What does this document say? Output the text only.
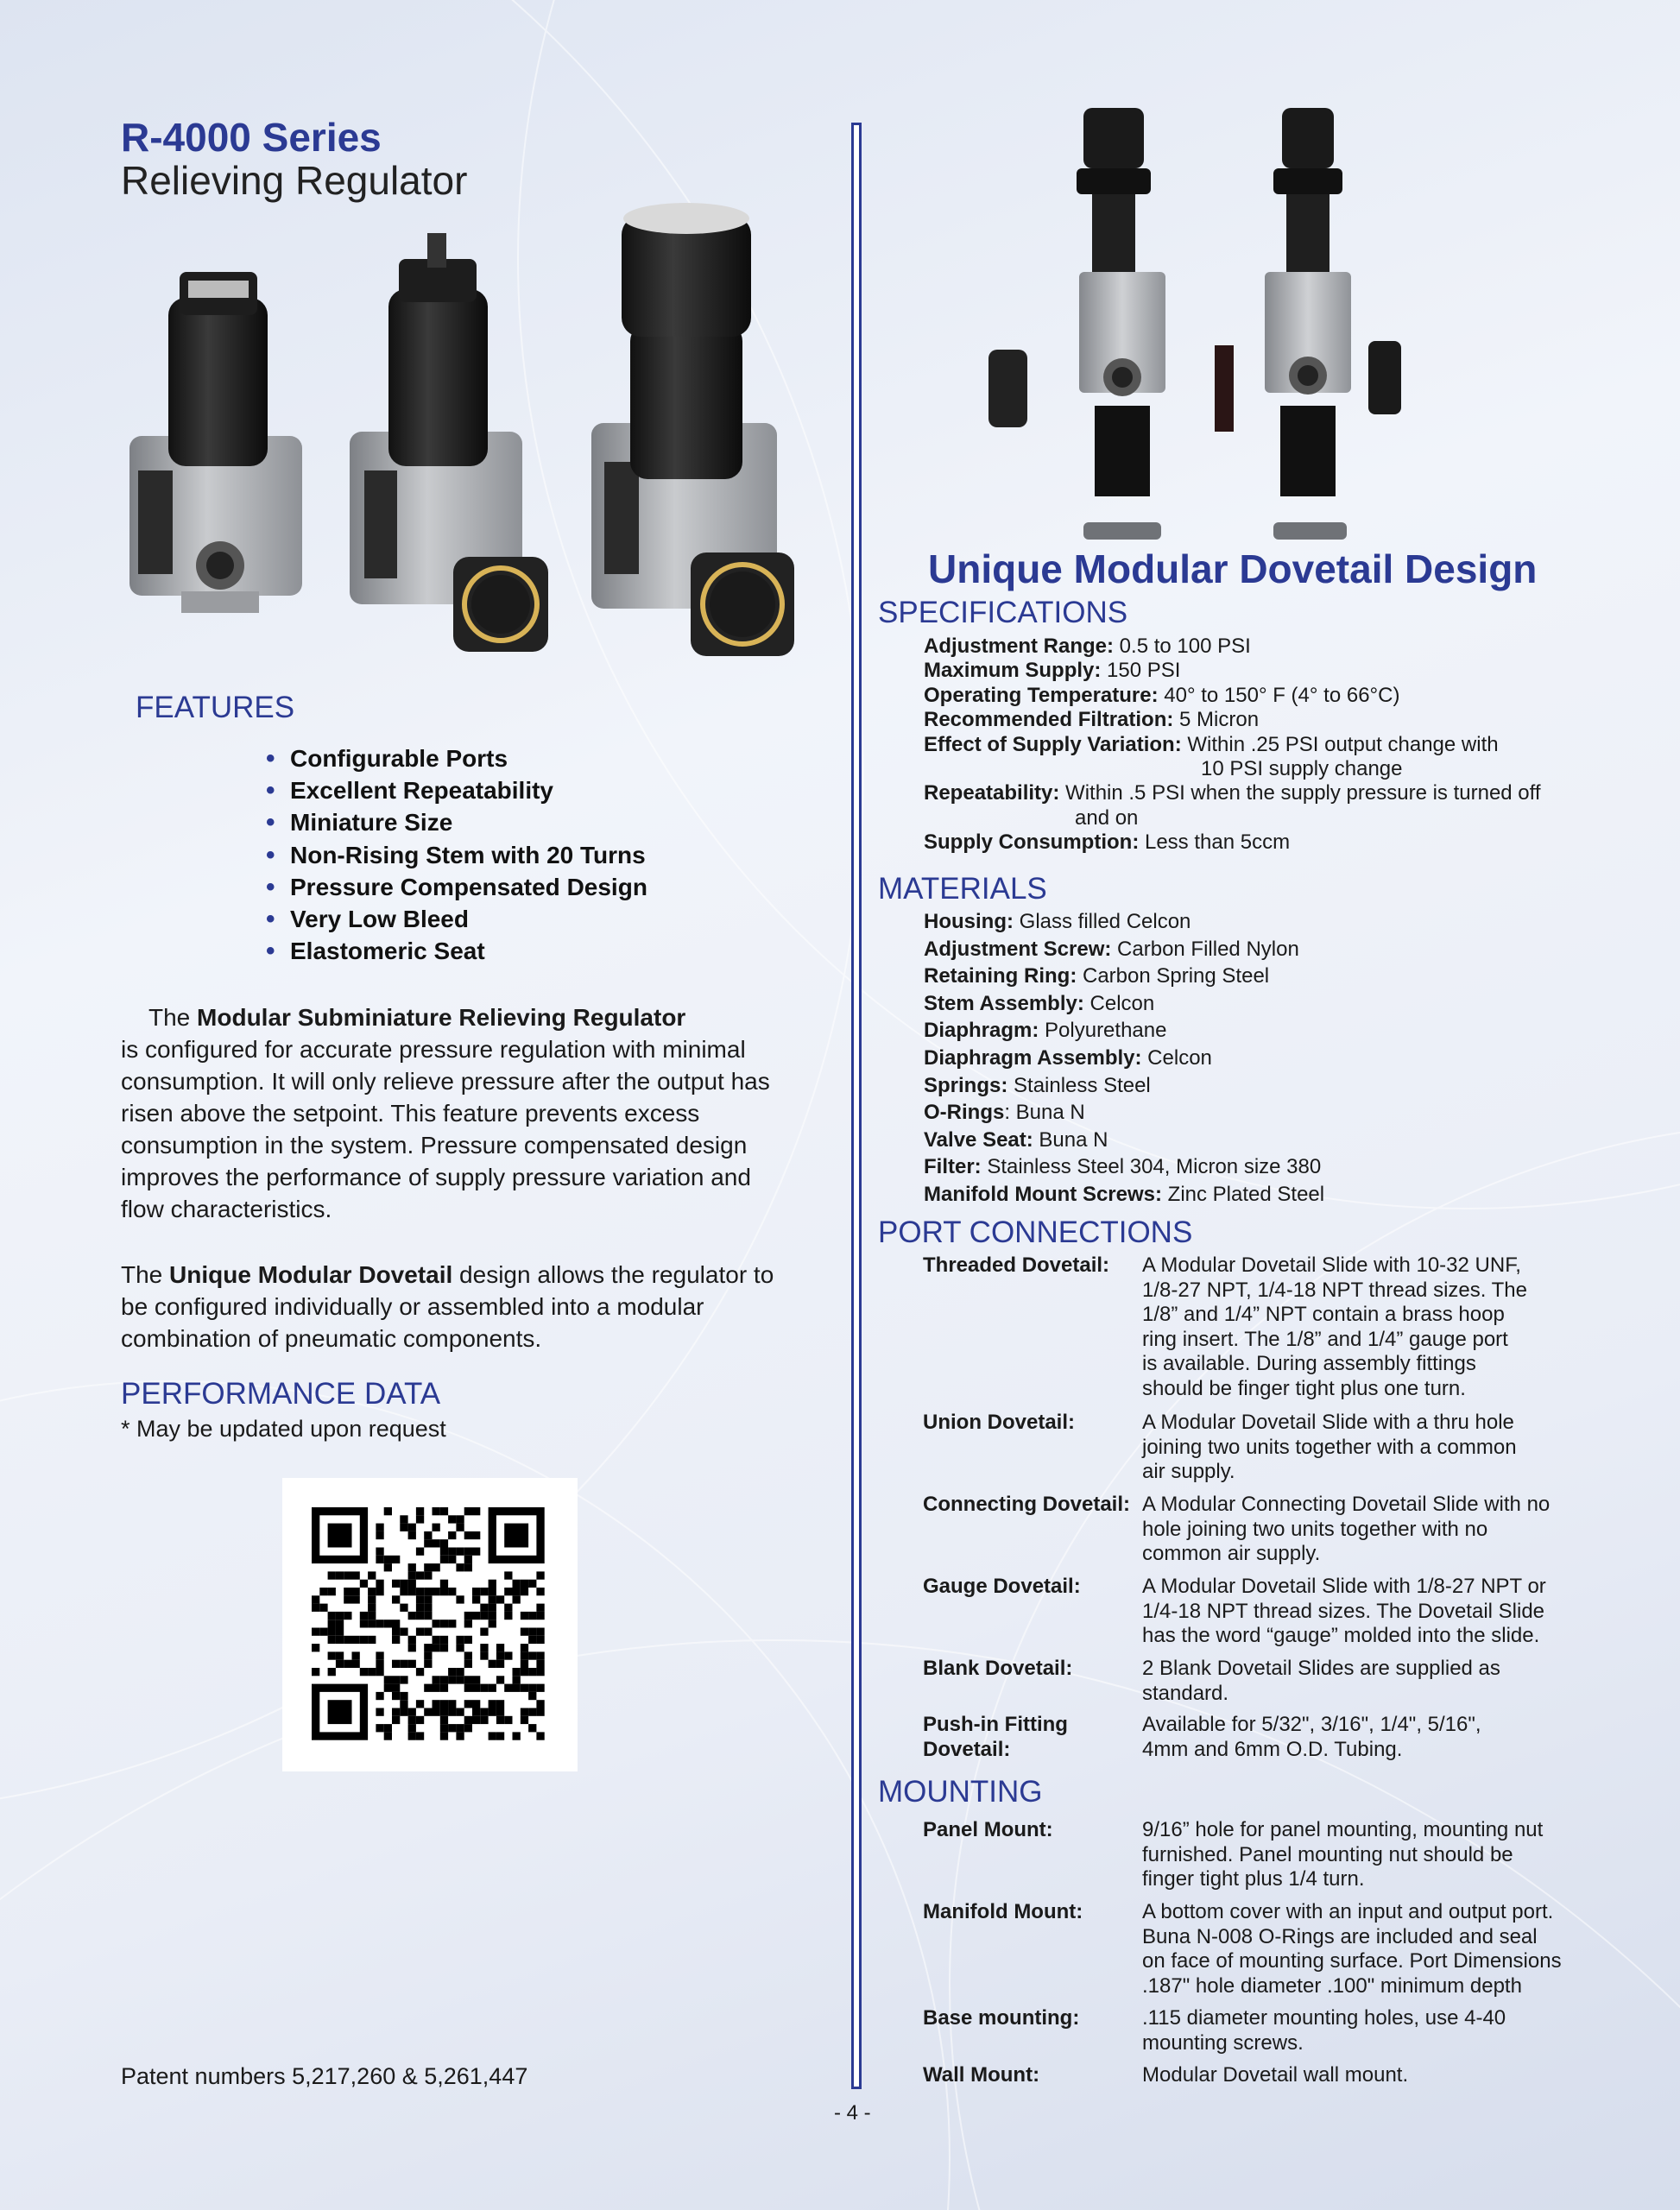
R-4000 Series
Relieving Regulator
FEATURES
• Configurable Ports
• Excellent Repeatability
• Miniature Size
• Non-Rising Stem with 20 Turns
• Pressure Compensated Design
• Very Low Bleed
• Elastomeric Seat
The Modular Subminiature Relieving Regulator
is configured for accurate pressure regulation with minimal
consumption. It will only relieve pressure after the output has
risen above the setpoint. This feature prevents excess
consumption in the system. Pressure compensated design
improves the performance of supply pressure variation and
flow characteristics.
The Unique Modular Dovetail design allows the regulator to
be configured individually or assembled into a modular
combination of pneumatic components.
PERFORMANCE DATA
* May be updated upon request
Patent numbers 5,217,260 & 5,261,447
Unique Modular Dovetail Design
SPECIFICATIONS
Adjustment Range: 0.5 to 100 PSI
Maximum Supply: 150 PSI
Operating Temperature: 40° to 150° F (4° to 66°C)
Recommended Filtration: 5 Micron
Effect of Supply Variation: Within .25 PSI output change with
10 PSI supply change
Repeatability: Within .5 PSI when the supply pressure is turned off
and on
Supply Consumption: Less than 5ccm
MATERIALS
Housing: Glass filled Celcon
Adjustment Screw: Carbon Filled Nylon
Retaining Ring: Carbon Spring Steel
Stem Assembly: Celcon
Diaphragm: Polyurethane
Diaphragm Assembly: Celcon
Springs: Stainless Steel
O-Rings: Buna N
Valve Seat: Buna N
Filter: Stainless Steel 304, Micron size 380
Manifold Mount Screws: Zinc Plated Steel
PORT CONNECTIONS
Threaded Dovetail: A Modular Dovetail Slide with 10-32 UNF,
1/8-27 NPT, 1/4-18 NPT thread sizes. The
1/8” and 1/4” NPT contain a brass hoop
ring insert. The 1/8” and 1/4” gauge port
is available. During assembly fittings
should be finger tight plus one turn.
Union Dovetail:	A Modular Dovetail Slide with a thru hole
joining two units together with a common
air supply.
Connecting Dovetail: A Modular Connecting Dovetail Slide with no
hole joining two units together with no
common air supply.
Gauge Dovetail:	A Modular Dovetail Slide with 1/8-27 NPT or
1/4-18 NPT thread sizes. The Dovetail Slide
has the word “gauge” molded into the slide.
Blank Dovetail:	2 Blank Dovetail Slides are supplied as
standard.
Push-in Fitting
Dovetail:
Available for 5/32", 3/16", 1/4", 5/16",
4mm and 6mm O.D. Tubing.
MOUNTING
Panel Mount:	9/16” hole for panel mounting, mounting nut
furnished. Panel mounting nut should be
finger tight plus 1/4 turn.
Manifold Mount:	A bottom cover with an input and output port.
Buna N-008 O-Rings are included and seal
on face of mounting surface. Port Dimensions
.187" hole diameter .100" minimum depth
Base mounting:	.115 diameter mounting holes, use 4-40
mounting screws.
Wall Mount:	Modular Dovetail wall mount.
- 4 -
